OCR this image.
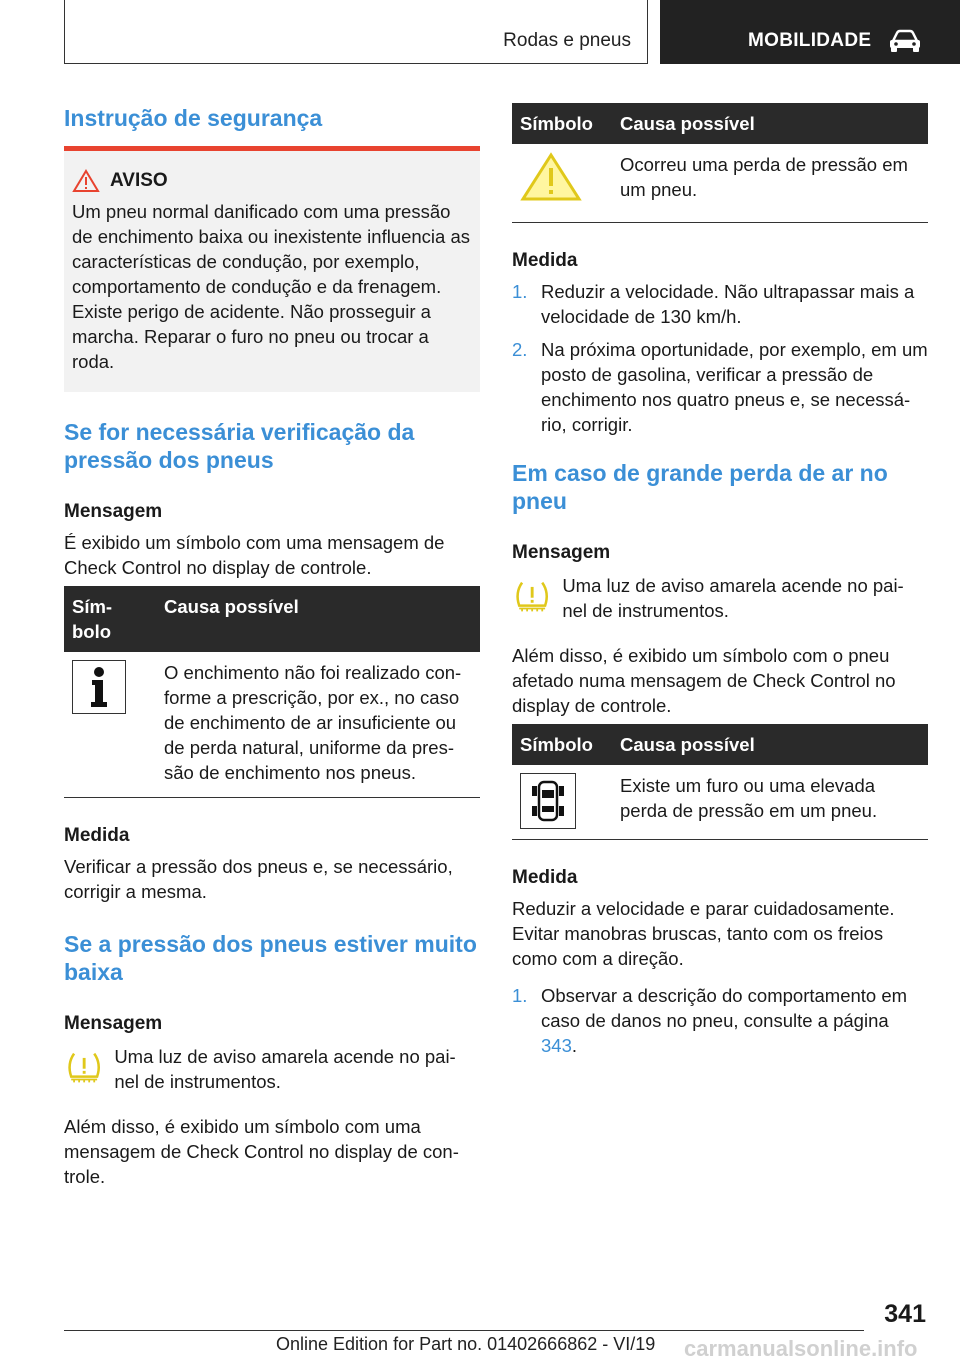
Rodas e pneus	MOBILIDADE
Instrução de segurança
AVISO

Um pneu normal danificado com uma pressão de enchimento baixa ou inexistente influencia as características de condução, por exemplo, comportamento de condução e da frenagem. Existe perigo de acidente. Não prosseguir a marcha. Reparar o furo no pneu ou trocar a roda.

Se for necessária verificação da pressão dos pneus
Mensagem

É exibido um símbolo com uma mensagem de Check Control no display de controle.

Sím-bolo	Causa possível

	O enchimento não foi realizado con-forme a prescrição, por ex., no caso de enchimento de ar insuficiente ou de perda natural, uniforme da pres-são de enchimento nos pneus.
Medida

Verificar a pressão dos pneus e, se necessário, corrigir a mesma.

Se a pressão dos pneus estiver muito baixa
Mensagem

Uma luz de aviso amarela acende no pai-nel de instrumentos.

Além disso, é exibido um símbolo com uma mensagem de Check Control no display de con-trole.

Símbolo	Causa possível
	Ocorreu uma perda de pressão em um pneu.
Medida
1. Reduzir a velocidade. Não ultrapassar mais a velocidade de 130 km/h.
2. Na próxima oportunidade, por exemplo, em um posto de gasolina, verificar a pressão de enchimento nos quatro pneus e, se necessá-rio, corrigir.
Em caso de grande perda de ar no pneu
Mensagem

Uma luz de aviso amarela acende no pai-nel de instrumentos.

Além disso, é exibido um símbolo com o pneu afetado numa mensagem de Check Control no display de controle.

Símbolo	Causa possível

	Existe um furo ou uma elevada perda de pressão em um pneu.
Medida

Reduzir a velocidade e parar cuidadosamente. Evitar manobras bruscas, tanto com os freios como com a direção.

1. Observar a descrição do comportamento em caso de danos no pneu, consulte a página 343.
341
Online Edition for Part no. 01402666862 - VI/19 carmanualsonline.info
